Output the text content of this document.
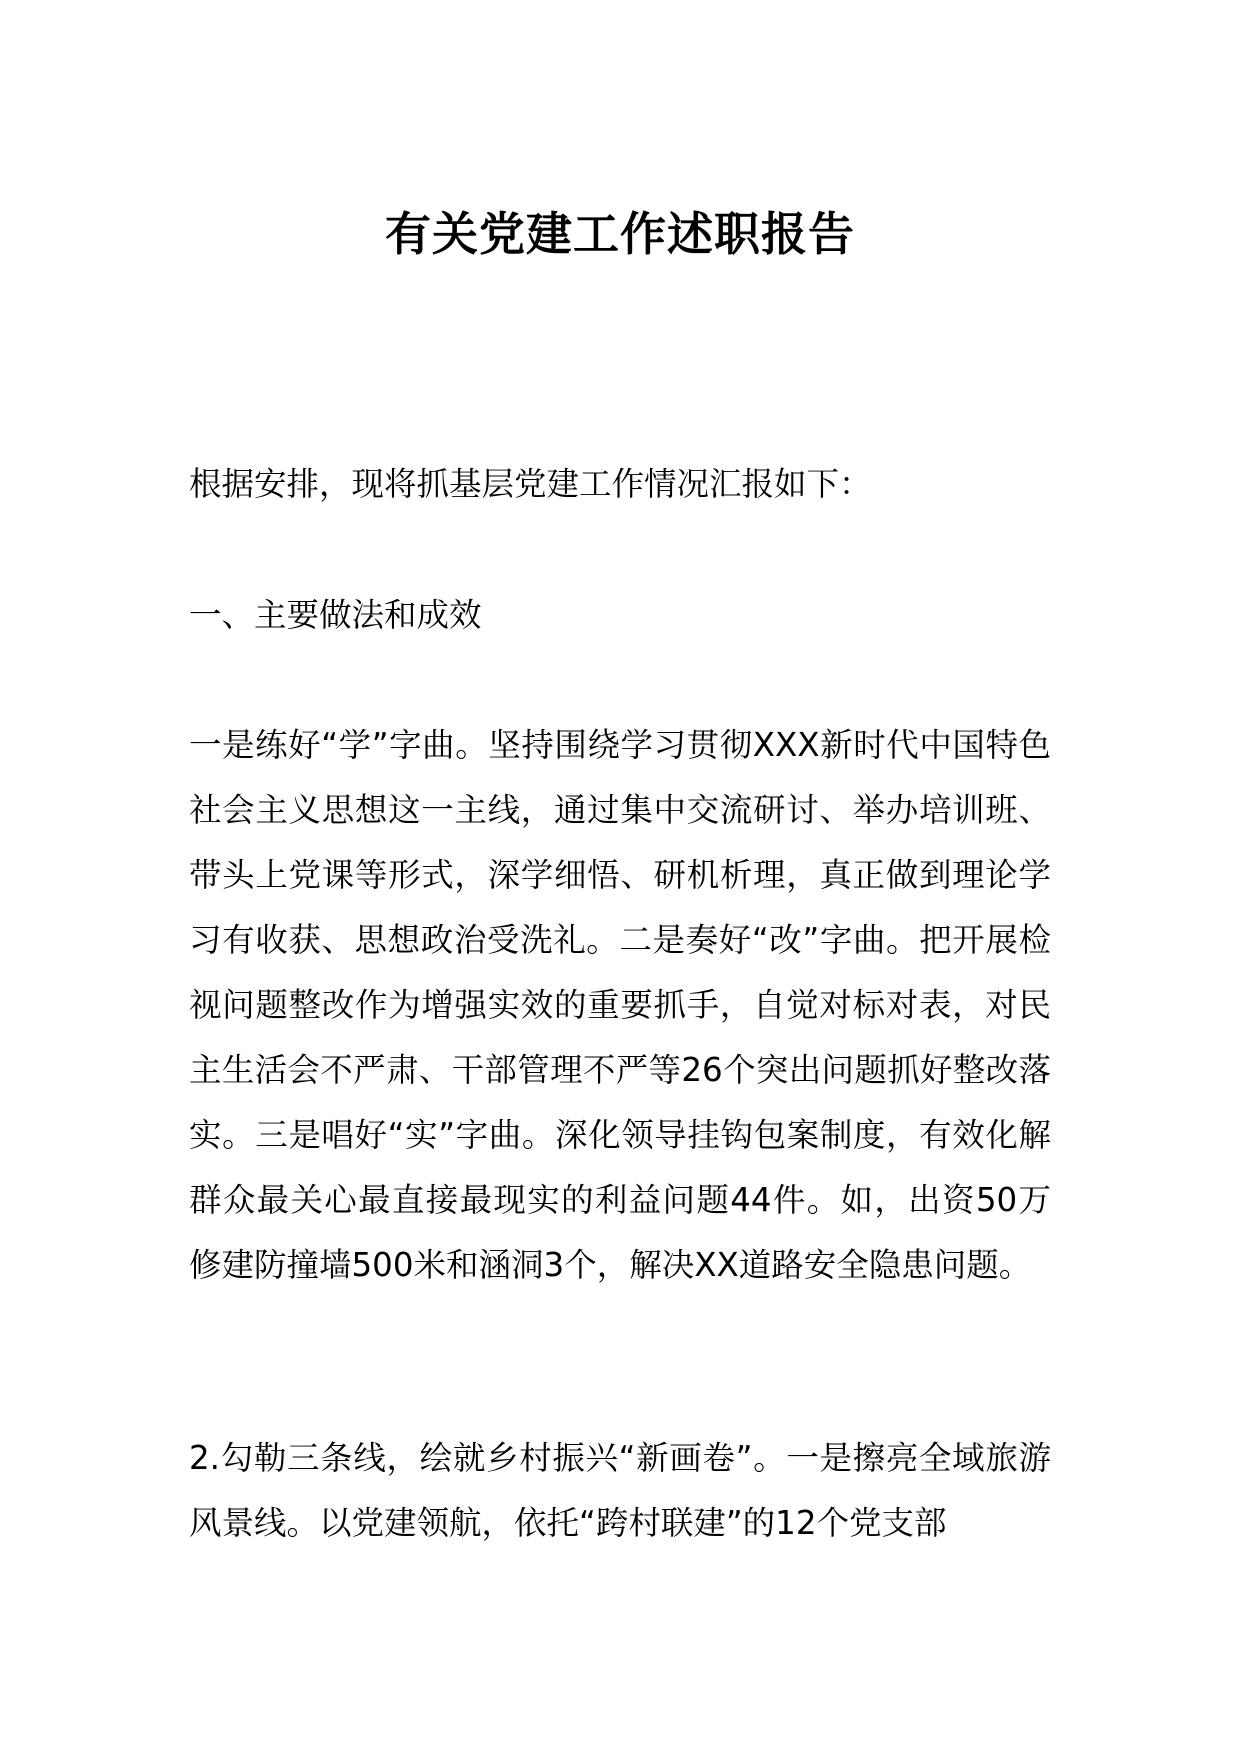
有关党建工作述职报告

根据安排，现将抓基层党建工作情况汇报如下：

一、主要做法和成效

一是练好“学”字曲。坚持围绕学习贯彻XXX新时代中国特色社会主义思想这一主线，通过集中交流研讨、举办培训班、带头上党课等形式，深学细悟、研机析理，真正做到理论学习有收获、思想政治受洗礼。二是奏好“改”字曲。把开展检视问题整改作为增强实效的重要抓手，自觉对标对表，对民主生活会不严肃、干部管理不严等26个突出问题抓好整改落实。三是唱好“实”字曲。深化领导挂钩包案制度，有效化解群众最关心最直接最现实的利益问题44件。如，出资50万修建防撞墙500米和涵洞3个，解决XX道路安全隐患问题。

2.勾勒三条线，绘就乡村振兴“新画卷”。一是擦亮全域旅游风景线。以党建领航，依托“跨村联建”的12个党支部
